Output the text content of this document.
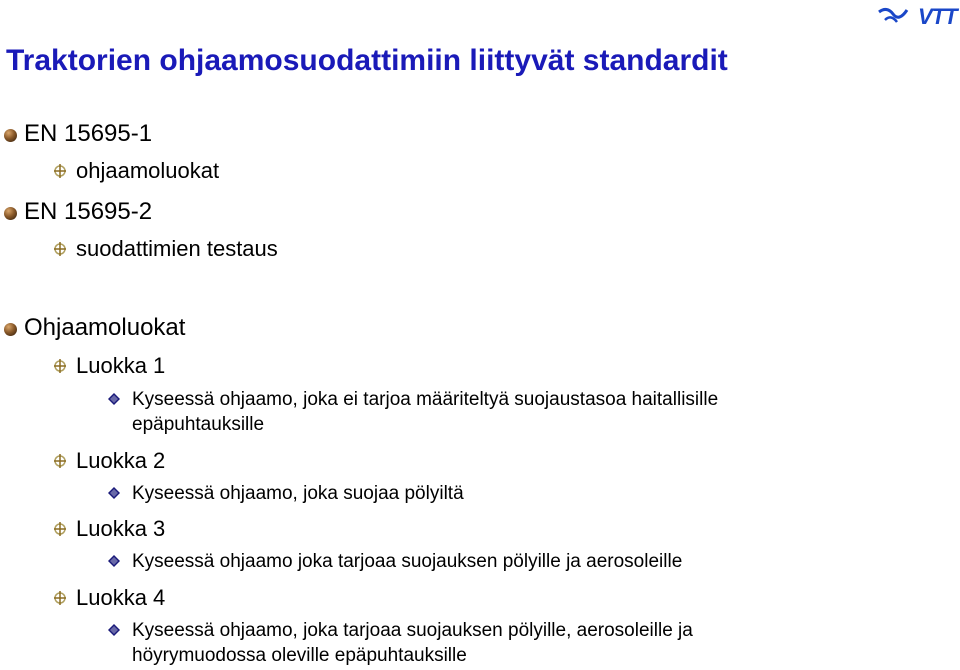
Traktorien ohjaamosuodattimiin liittyvät standardit
VTT
EN 15695-1
ohjaamoluokat
EN 15695-2
suodattimien testaus
Ohjaamoluokat
Luokka 1
Kyseessä ohjaamo, joka ei tarjoa määriteltyä suojaustasoa haitallisille
epäpuhtauksille
Luokka 2
Kyseessä ohjaamo, joka suojaa pölyiltä
Luokka 3
Kyseessä ohjaamo joka tarjoaa suojauksen pölyille ja aerosoleille
Luokka 4
Kyseessä ohjaamo, joka tarjoaa suojauksen pölyille, aerosoleille ja
höyrymuodossa oleville epäpuhtauksille
